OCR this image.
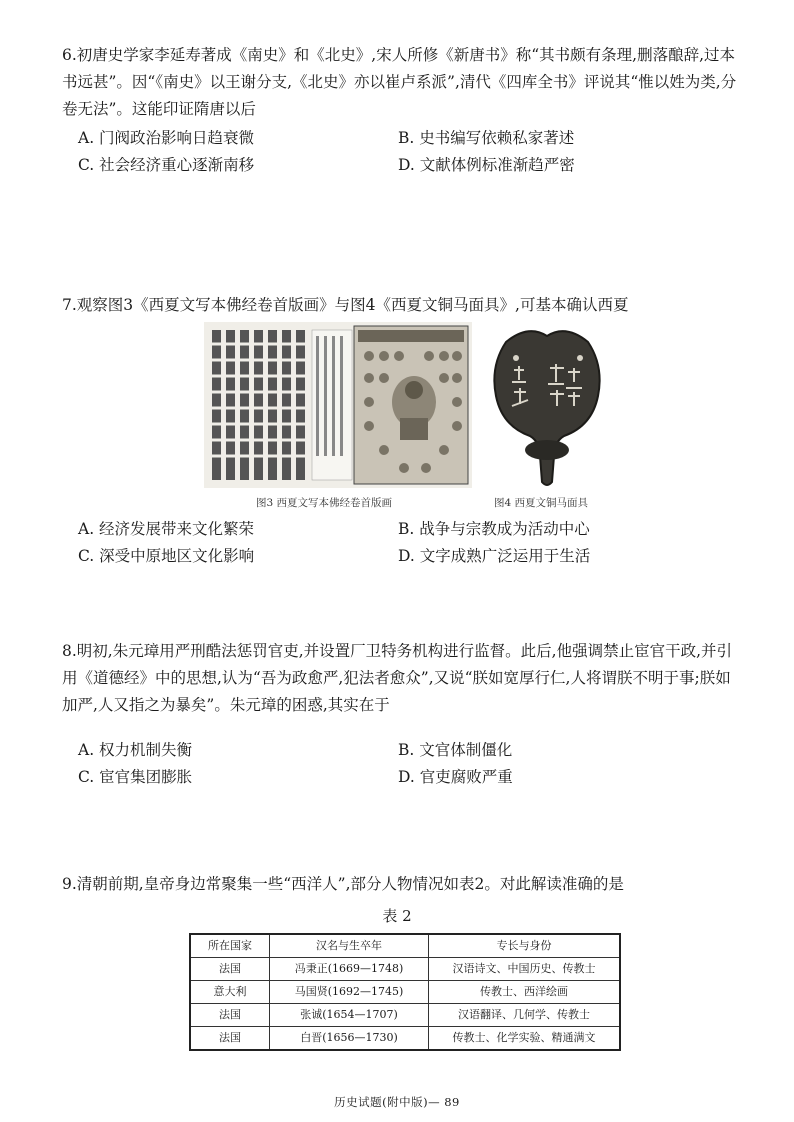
6.初唐史学家李延寿著成《南史》和《北史》,宋人所修《新唐书》称“其书颇有条理,删落酿辞,过本书远甚”。因“《南史》以王谢分支,《北史》亦以崔卢系派”,清代《四库全书》评说其“惟以姓为类,分卷无法”。这能印证隋唐以后
A. 门阀政治影响日趋衰微	B. 史书编写依赖私家著述
C. 社会经济重心逐渐南移	D. 文献体例标准渐趋严密
7.观察图3《西夏文写本佛经卷首版画》与图4《西夏文铜马面具》,可基本确认西夏
图3 西夏文写本佛经卷首版画	图4 西夏文铜马面具
A. 经济发展带来文化繁荣	B. 战争与宗教成为活动中心
C. 深受中原地区文化影响	D. 文字成熟广泛运用于生活
8.明初,朱元璋用严刑酷法惩罚官吏,并设置厂卫特务机构进行监督。此后,他强调禁止宦官干政,并引用《道德经》中的思想,认为“吾为政愈严,犯法者愈众”,又说“朕如宽厚行仁,人将谓朕不明于事;朕如加严,人又指之为暴矣”。朱元璋的困惑,其实在于
A. 权力机制失衡	B. 文官体制僵化
C. 宦官集团膨胀	D. 官吏腐败严重
9.清朝前期,皇帝身边常聚集一些“西洋人”,部分人物情况如表2。对此解读准确的是
表 2
所在国家	汉名与生卒年	专长与身份
法国	冯秉正(1669—1748)	汉语诗文、中国历史、传教士
意大利	马国贤(1692—1745)	传教士、西洋绘画
法国	张诚(1654—1707)	汉语翻译、几何学、传教士
法国	白晋(1656—1730)	传教士、化学实验、精通满文
历史试题(附中版)— 89
